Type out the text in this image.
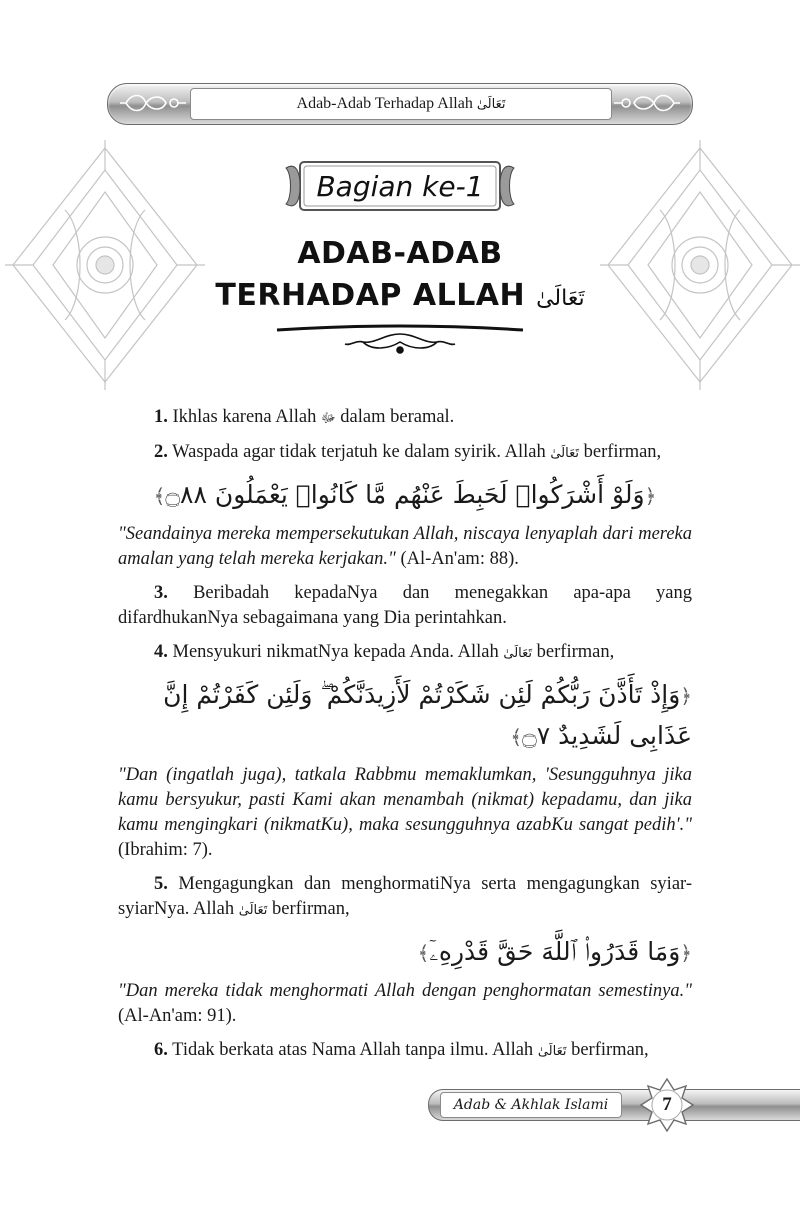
Adab-Adab Terhadap Allah
تَعَالَىٰ
Bagian ke-1
ADAB-ADAB
TERHADAP ALLAH تَعَالَىٰ

1. Ikhlas karena Allah ﷻ dalam beramal.

2. Waspada agar tidak terjatuh ke dalam syirik. Allah تَعَالَىٰ berfirman,

﴿وَلَوْ أَشْرَكُوا۟ لَحَبِطَ عَنْهُم مَّا كَانُوا۟ يَعْمَلُونَ ۝٨٨﴾

"Seandainya mereka mempersekutukan Allah, niscaya lenyaplah dari mereka amalan yang telah mereka kerjakan." (Al-An'am: 88).

3. Beribadah kepadaNya dan menegakkan apa-apa yang difardhukanNya sebagaimana yang Dia perintahkan.

4. Mensyukuri nikmatNya kepada Anda. Allah تَعَالَىٰ berfirman,

﴿وَإِذْ تَأَذَّنَ رَبُّكُمْ لَئِن شَكَرْتُمْ لَأَزِيدَنَّكُمْ ۖ وَلَئِن كَفَرْتُمْ إِنَّ عَذَابِى لَشَدِيدٌ ۝٧﴾

"Dan (ingatlah juga), tatkala Rabbmu memaklumkan, 'Sesungguhnya jika kamu bersyukur, pasti Kami akan menambah (nikmat) kepadamu, dan jika kamu mengingkari (nikmatKu), maka sesungguhnya azabKu sangat pedih'." (Ibrahim: 7).

5. Mengagungkan dan menghormatiNya serta mengagungkan syiar-syiarNya. Allah تَعَالَىٰ berfirman,

﴿وَمَا قَدَرُوا۟ ٱللَّهَ حَقَّ قَدْرِهِۦٓ﴾

"Dan mereka tidak menghormati Allah dengan penghormatan semestinya." (Al-An'am: 91).

6. Tidak berkata atas Nama Allah tanpa ilmu. Allah تَعَالَىٰ berfirman,

Adab & Akhlak Islami	7
